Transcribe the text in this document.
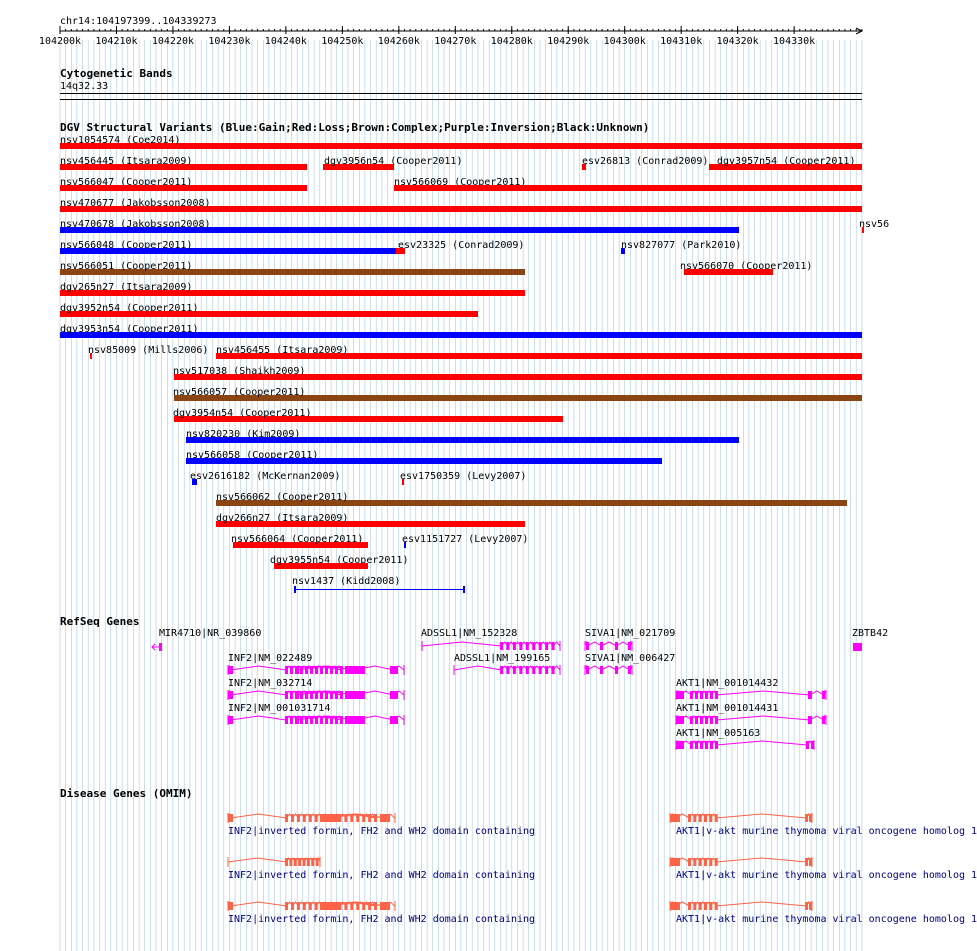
chr14:104197399..104339273
104200k 104210k 104220k 104230k 104240k 104250k 104260k 104270k 104280k 104290k 104300k 104310k 104320k 104330k
Cytogenetic Bands
14q32.33
DGV Structural Variants (Blue:Gain;Red:Loss;Brown:Complex;Purple:Inversion;Black:Unknown)
nsv1054574 (Coe2014)
nsv456445 (Itsara2009)	dgv3956n54 (Cooper2011)	esv26813 (Conrad2009) dgv3957n54 (Cooper2011)
nsv566047 (Cooper2011)	nsv566069 (Cooper2011)
nsv470677 (Jakobsson2008)
nsv470678 (Jakobsson2008)	nsv56
nsv566048 (Cooper2011)	esv23325 (Conrad2009)	nsv827077 (Park2010)
nsv566051 (Cooper2011)	nsv566070 (Cooper2011)
dgv265n27 (Itsara2009)
dgv3952n54 (Cooper2011)
dgv3953n54 (Cooper2011)
nsv85009 (Mills2006) nsv456455 (Itsara2009)
nsv517038 (Shaikh2009)
nsv566057 (Cooper2011)
dgv3954n54 (Cooper2011)
nsv820230 (Kim2009)
nsv566058 (Cooper2011)
esv2616182 (McKernan2009)	esv1750359 (Levy2007)
nsv566062 (Cooper2011)
dgv266n27 (Itsara2009)
nsv566064 (Cooper2011)	esv1151727 (Levy2007)
dgv3955n54 (Cooper2011)
nsv1437 (Kidd2008)
RefSeq Genes
MIR4710|NR_039860	ADSSL1|NM_152328	SIVA1|NM_021709	ZBTB42
INF2|NM_022489	ADSSL1|NM_199165	SIVA1|NM_006427
INF2|NM_032714	AKT1|NM_001014432
INF2|NM_001031714	AKT1|NM_001014431
AKT1|NM_005163
Disease Genes (OMIM)
INF2|inverted formin, FH2 and WH2 domain containing	AKT1|v-akt murine thymoma viral oncogene homolog 1
INF2|inverted formin, FH2 and WH2 domain containing	AKT1|v-akt murine thymoma viral oncogene homolog 1
INF2|inverted formin, FH2 and WH2 domain containing	AKT1|v-akt murine thymoma viral oncogene homolog 1
